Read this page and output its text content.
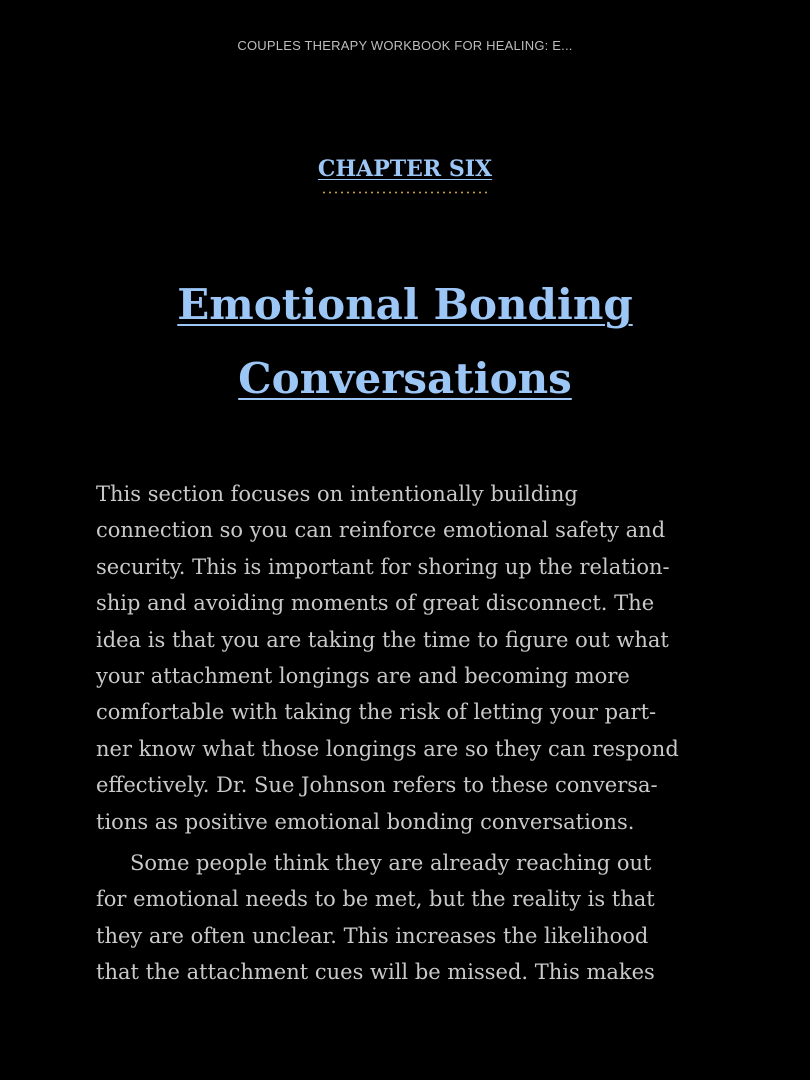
COUPLES THERAPY WORKBOOK FOR HEALING: E...
CHAPTER SIX
Emotional Bonding
Conversations
This section focuses on intentionally building
connection so you can reinforce emotional safety and
security. This is important for shoring up the relation-
ship and avoiding moments of great disconnect. The
idea is that you are taking the time to figure out what
your attachment longings are and becoming more
comfortable with taking the risk of letting your part-
ner know what those longings are so they can respond
effectively. Dr. Sue Johnson refers to these conversa-
tions as positive emotional bonding conversations.
Some people think they are already reaching out
for emotional needs to be met, but the reality is that
they are often unclear. This increases the likelihood
that the attachment cues will be missed. This makes
